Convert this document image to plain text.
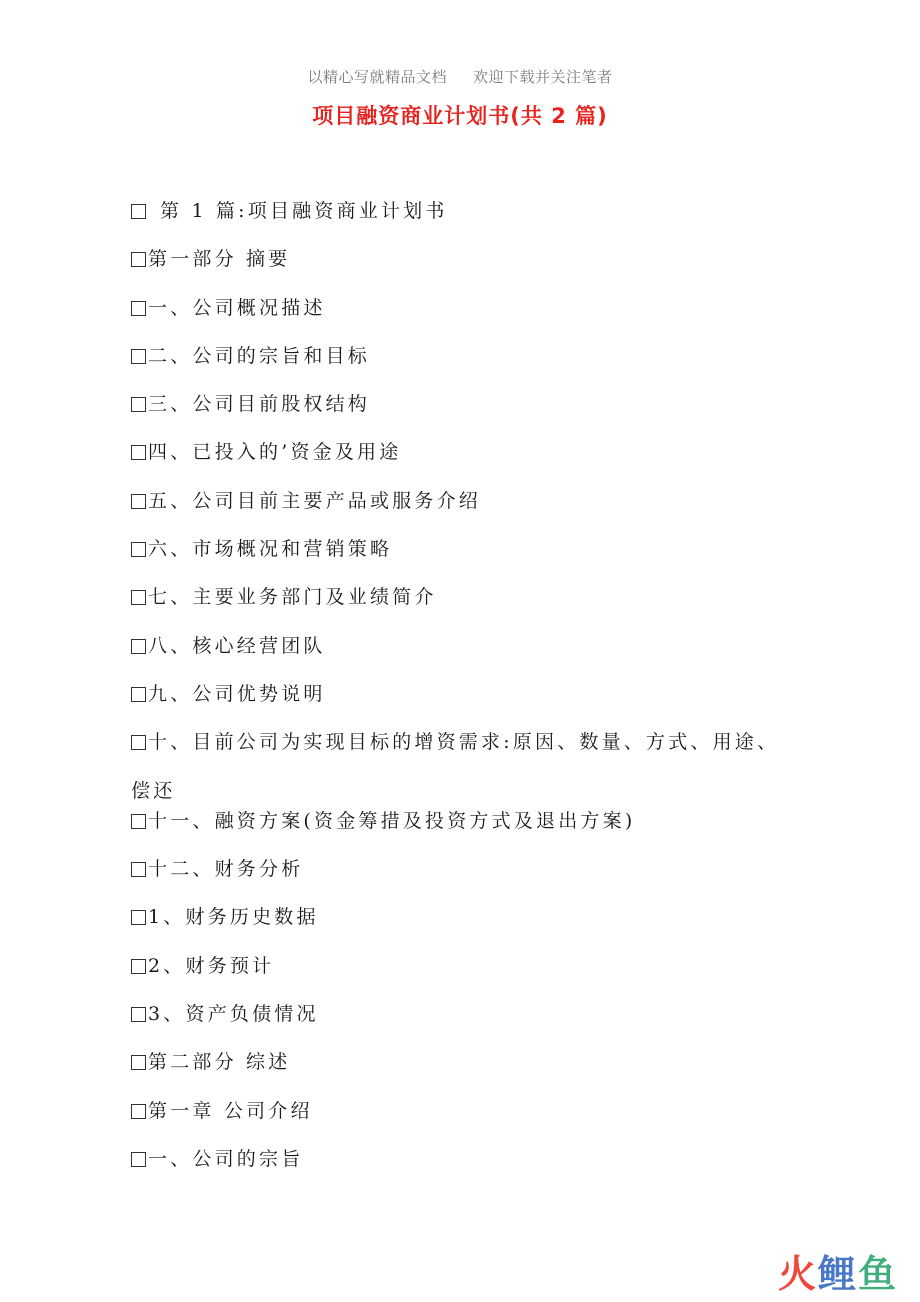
以精心写就精品文档 欢迎下载并关注笔者
项目融资商业计划书(共 2 篇)
第 1 篇:项目融资商业计划书
第一部分 摘要
一、公司概况描述
二、公司的宗旨和目标
三、公司目前股权结构
四、已投入的’资金及用途
五、公司目前主要产品或服务介绍
六、市场概况和营销策略
七、主要业务部门及业绩简介
八、核心经营团队
九、公司优势说明
十、目前公司为实现目标的增资需求:原因、数量、方式、用途、偿还
十一、融资方案(资金筹措及投资方式及退出方案)
十二、财务分析
1、财务历史数据
2、财务预计
3、资产负债情况
第二部分 综述
第一章 公司介绍
一、公司的宗旨
火 鲤 鱼
